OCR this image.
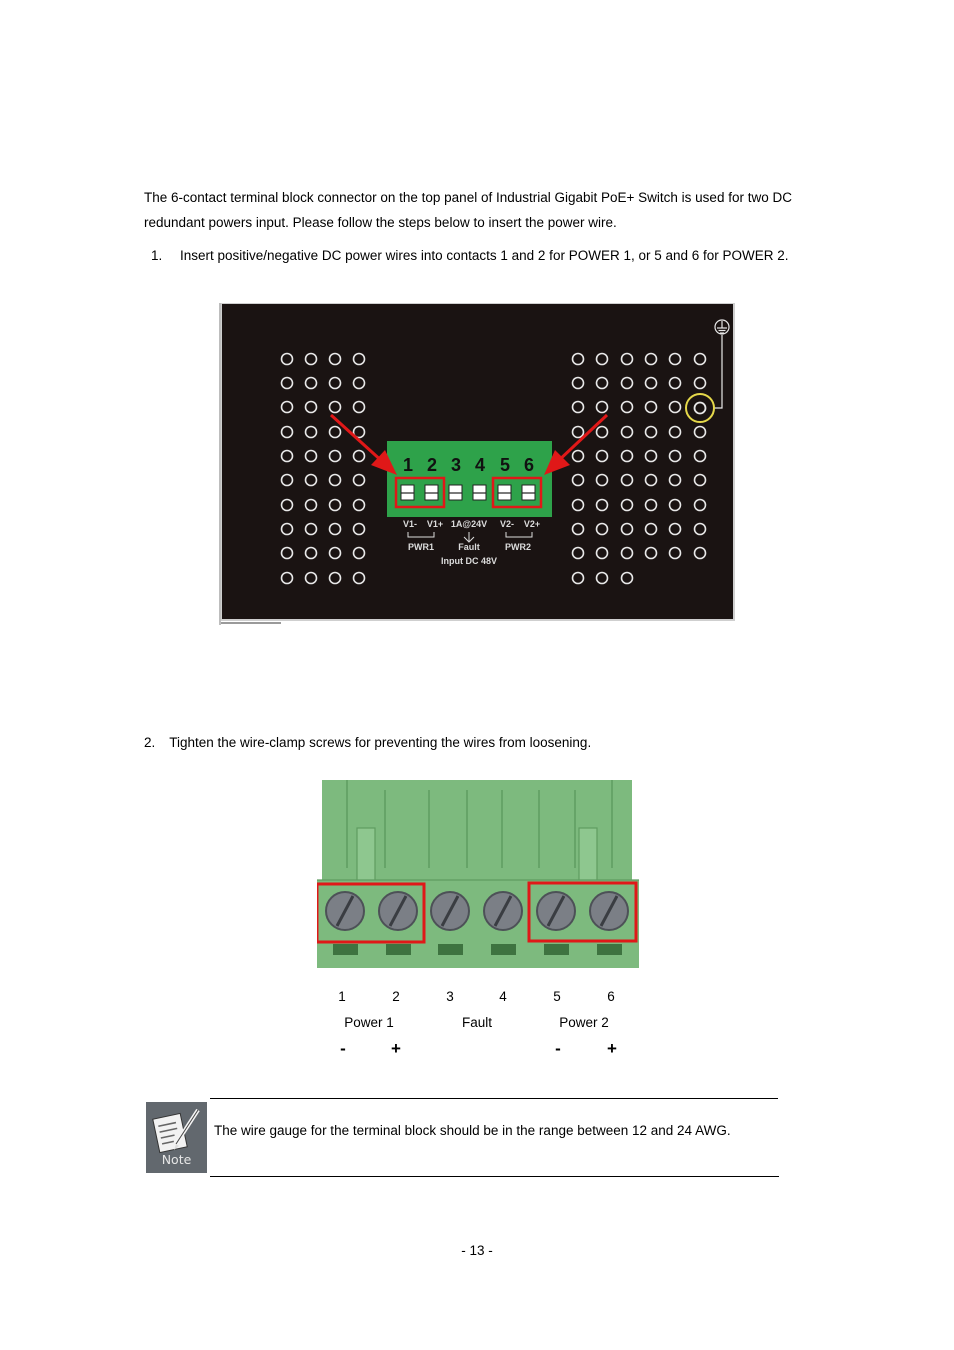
The 6-contact terminal block connector on the top panel of Industrial Gigabit PoE+ Switch is used for two DC redundant powers input. Please follow the steps below to insert the power wire.
1. Insert positive/negative DC power wires into contacts 1 and 2 for POWER 1, or 5 and 6 for POWER 2.
1 2 3 4 5 6
V1- V1+ 1A@24V V2- V2+
PWR1	Fault	PWR2
Input DC 48V
2. Tighten the wire-clamp screws for preventing the wires from loosening.
1	2	3	4	5	6
Power 1	Fault	Power 2
-	+	-	+
Note
The wire gauge for the terminal block should be in the range between 12 and 24 AWG.
- 13 -
